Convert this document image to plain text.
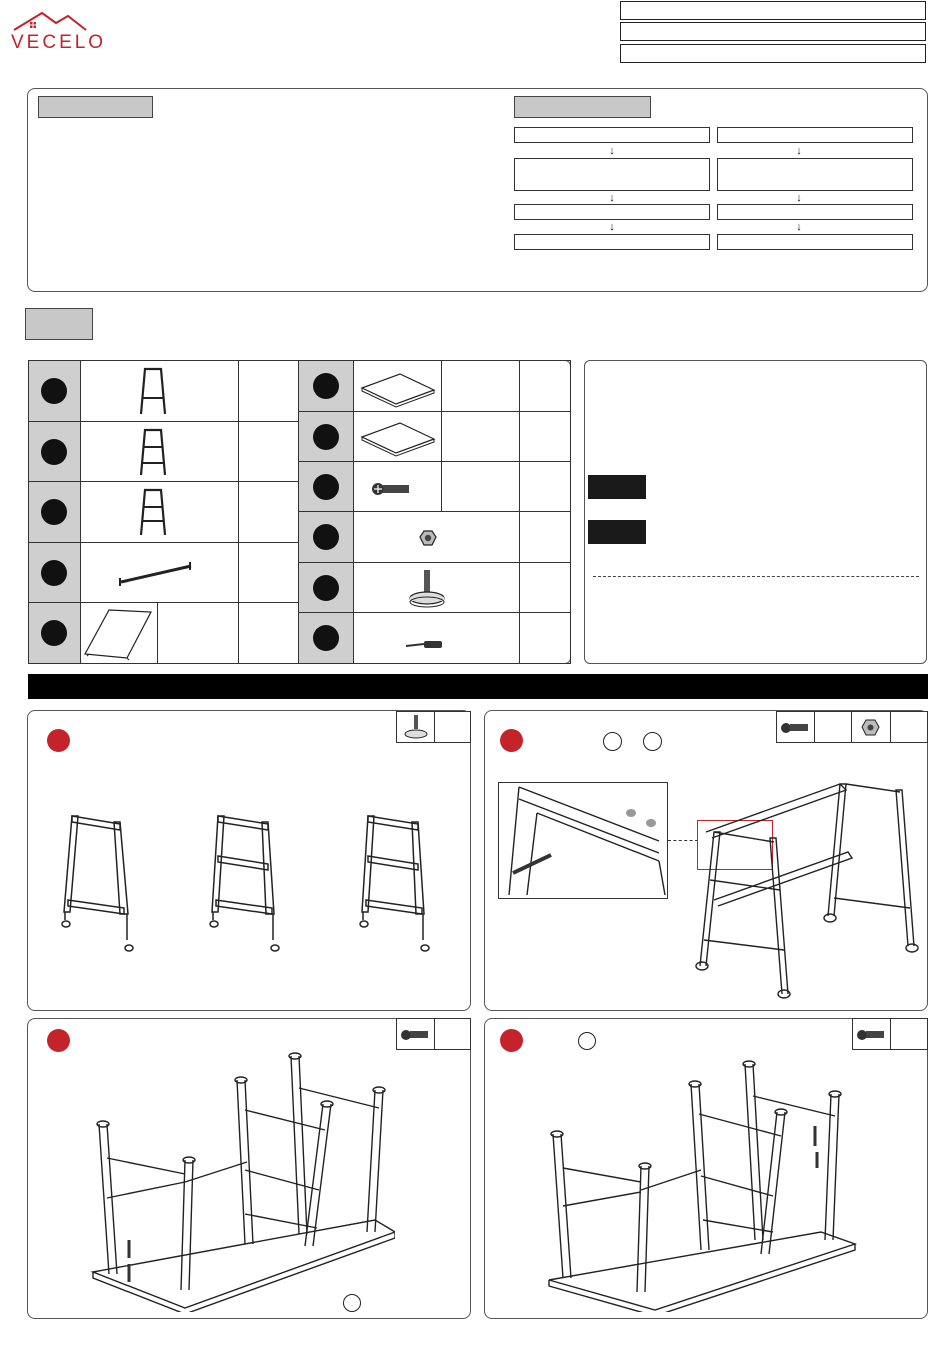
VECELO
↓
↓
↓
↓
↓
↓
